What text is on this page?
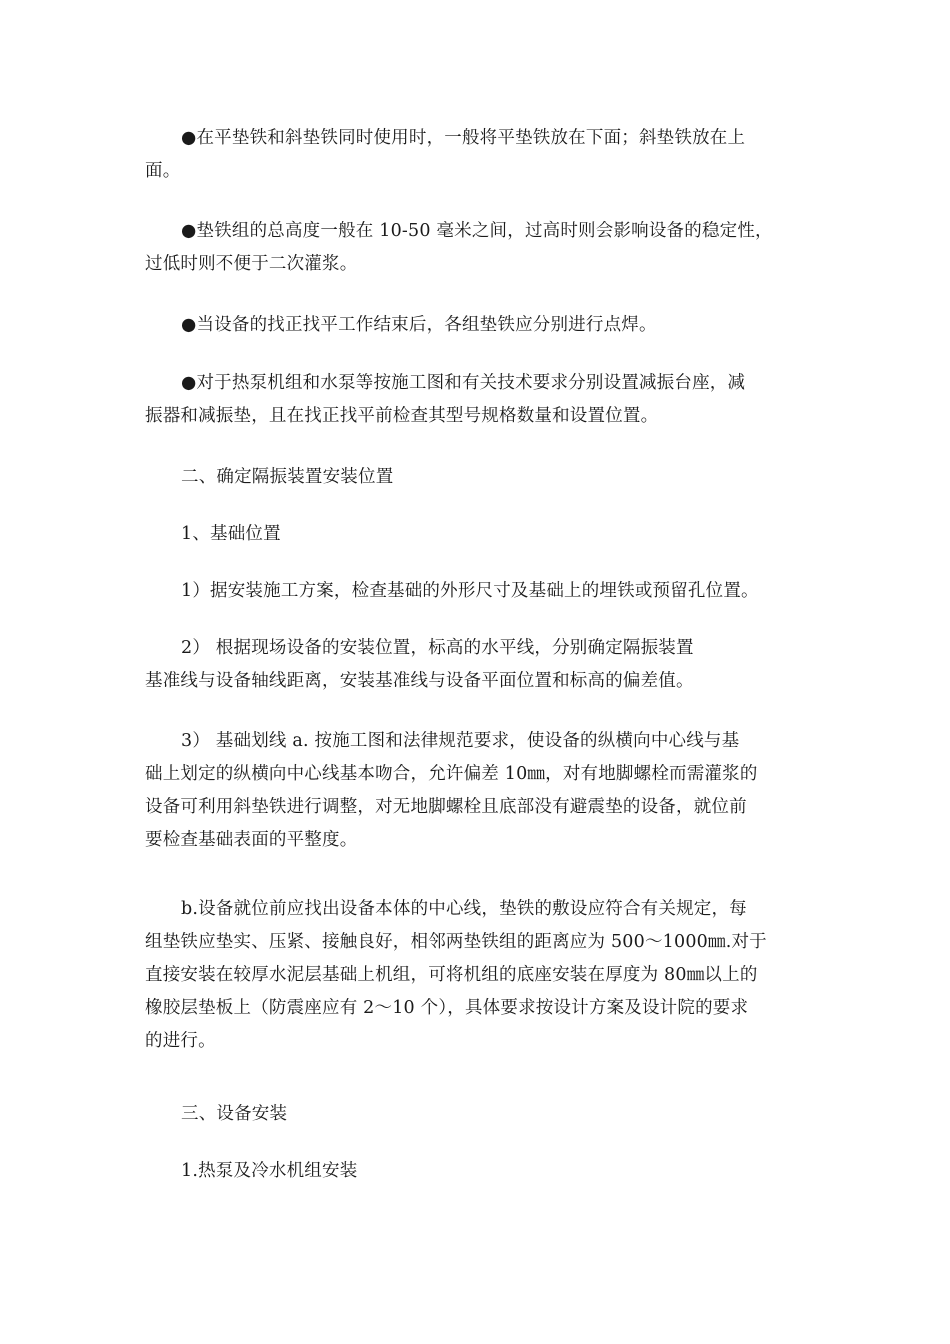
●在平垫铁和斜垫铁同时使用时，一般将平垫铁放在下面；斜垫铁放在上
面。

●垫铁组的总高度一般在 10-50 毫米之间，过高时则会影响设备的稳定性，
过低时则不便于二次灌浆。

●当设备的找正找平工作结束后，各组垫铁应分别进行点焊。

●对于热泵机组和水泵等按施工图和有关技术要求分别设置减振台座，减
振器和减振垫，且在找正找平前检查其型号规格数量和设置位置。

二、确定隔振装置安装位置

1、基础位置

1）据安装施工方案，检查基础的外形尺寸及基础上的埋铁或预留孔位置。

2） 根据现场设备的安装位置，标高的水平线，分别确定隔振装置
基准线与设备轴线距离，安装基准线与设备平面位置和标高的偏差值。

3） 基础划线 a. 按施工图和法律规范要求，使设备的纵横向中心线与基
础上划定的纵横向中心线基本吻合，允许偏差 10㎜，对有地脚螺栓而需灌浆的
设备可利用斜垫铁进行调整，对无地脚螺栓且底部没有避震垫的设备，就位前
要检查基础表面的平整度。

b.设备就位前应找出设备本体的中心线，垫铁的敷设应符合有关规定，每
组垫铁应垫实、压紧、接触良好，相邻两垫铁组的距离应为 500～1000㎜.对于
直接安装在较厚水泥层基础上机组，可将机组的底座安装在厚度为 80㎜以上的
橡胶层垫板上（防震座应有 2～10 个），具体要求按设计方案及设计院的要求
的进行。

三、设备安装

1.热泵及冷水机组安装
